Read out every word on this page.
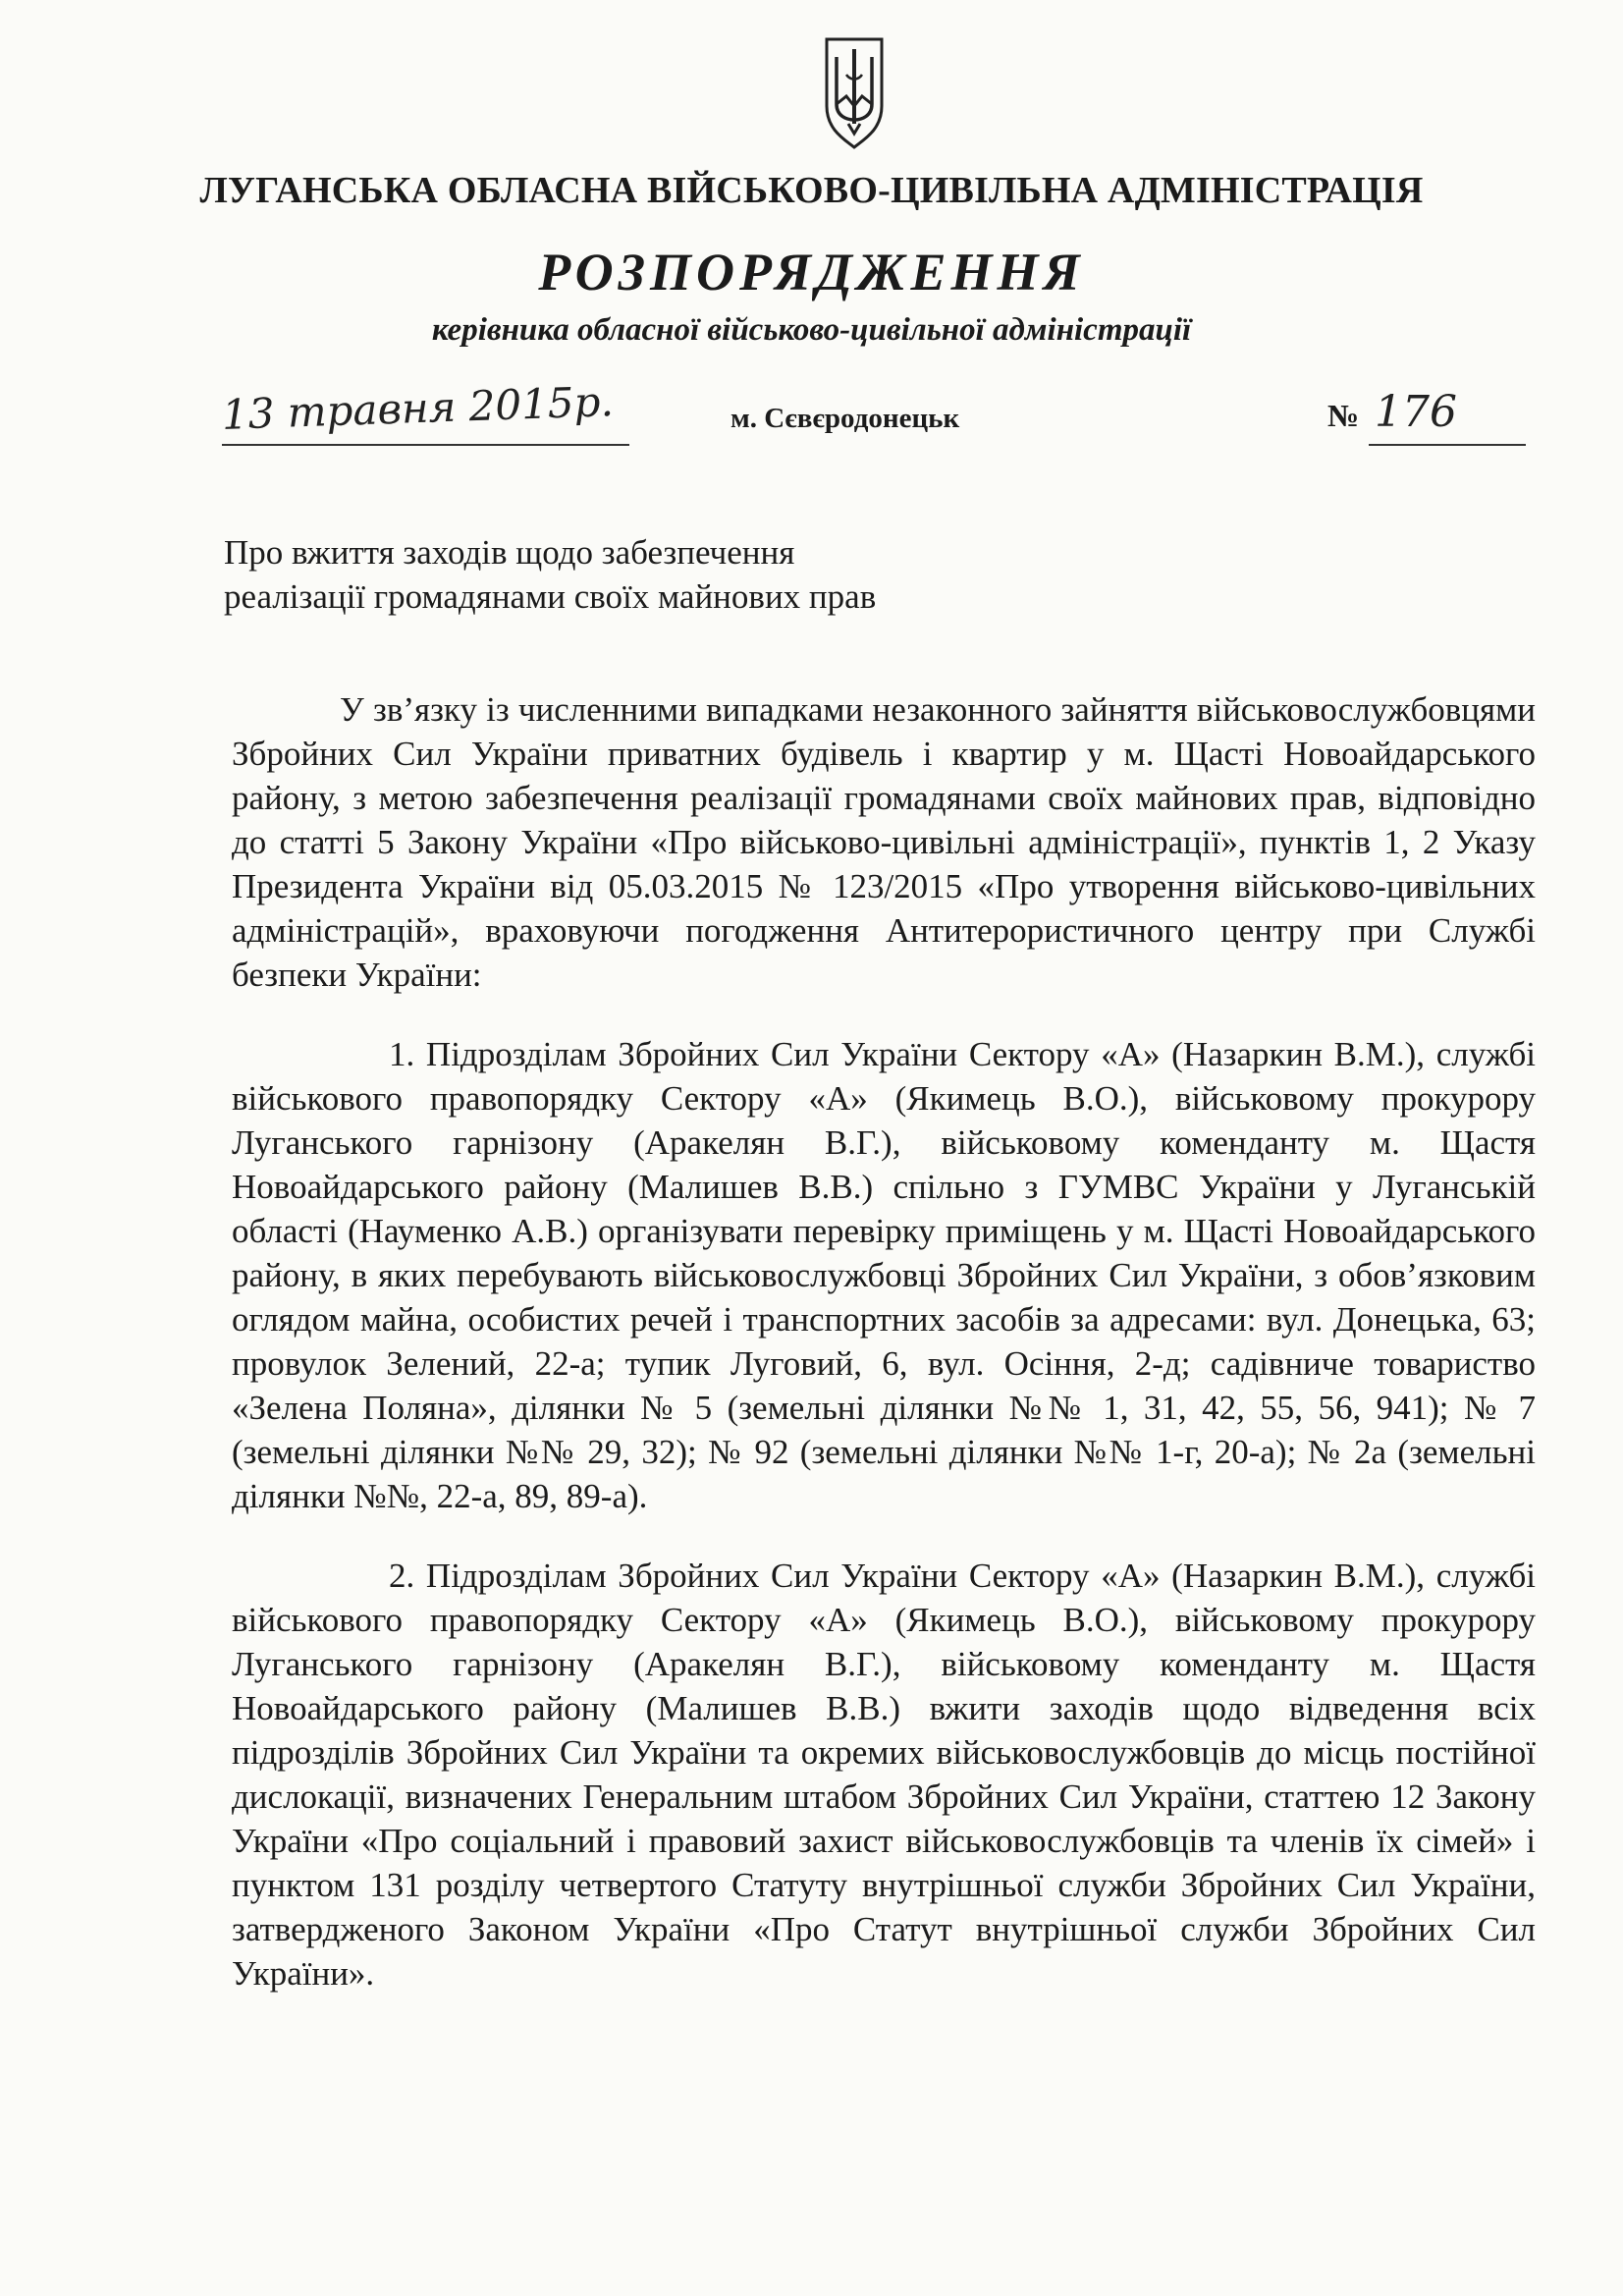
ЛУГАНСЬКА ОБЛАСНА ВІЙСЬКОВО-ЦИВІЛЬНА АДМІНІСТРАЦІЯ
РОЗПОРЯДЖЕННЯ
керівника обласної військово-цивільної адміністрації
13 травня 2015р.	м. Сєвєродонецьк	№ 176
Про вжиття заходів щодо забезпечення реалізації громадянами своїх майнових прав

У зв’язку із численними випадками незаконного зайняття військовослужбовцями Збройних Сил України приватних будівель і квартир у м. Щасті Новоайдарського району, з метою забезпечення реалізації громадянами своїх майнових прав, відповідно до статті 5 Закону України «Про військово-цивільні адміністрації», пунктів 1, 2 Указу Президента України від 05.03.2015 № 123/2015 «Про утворення військово-цивільних адміністрацій», враховуючи погодження Антитерористичного центру при Службі безпеки України:

1. Підрозділам Збройних Сил України Сектору «А» (Назаркин В.М.), службі військового правопорядку Сектору «А» (Якимець В.О.), військовому прокурору Луганського гарнізону (Аракелян В.Г.), військовому коменданту м. Щастя Новоайдарського району (Малишев В.В.) спільно з ГУМВС України у Луганській області (Науменко А.В.) організувати перевірку приміщень у м. Щасті Новоайдарського району, в яких перебувають військовослужбовці Збройних Сил України, з обов’язковим оглядом майна, особистих речей і транспортних засобів за адресами: вул. Донецька, 63; провулок Зелений, 22-а; тупик Луговий, 6, вул. Осіння, 2-д; садівниче товариство «Зелена Поляна», ділянки № 5 (земельні ділянки №№ 1, 31, 42, 55, 56, 941); № 7 (земельні ділянки №№ 29, 32); № 92 (земельні ділянки №№ 1-г, 20-а); № 2а (земельні ділянки №№, 22-а, 89, 89-а).

2. Підрозділам Збройних Сил України Сектору «А» (Назаркин В.М.), службі військового правопорядку Сектору «А» (Якимець В.О.), військовому прокурору Луганського гарнізону (Аракелян В.Г.), військовому коменданту м. Щастя Новоайдарського району (Малишев В.В.) вжити заходів щодо відведення всіх підрозділів Збройних Сил України та окремих військовослужбовців до місць постійної дислокації, визначених Генеральним штабом Збройних Сил України, статтею 12 Закону України «Про соціальний і правовий захист військовослужбовців та членів їх сімей» і пунктом 131 розділу четвертого Статуту внутрішньої служби Збройних Сил України, затвердженого Законом України «Про Статут внутрішньої служби Збройних Сил України».
